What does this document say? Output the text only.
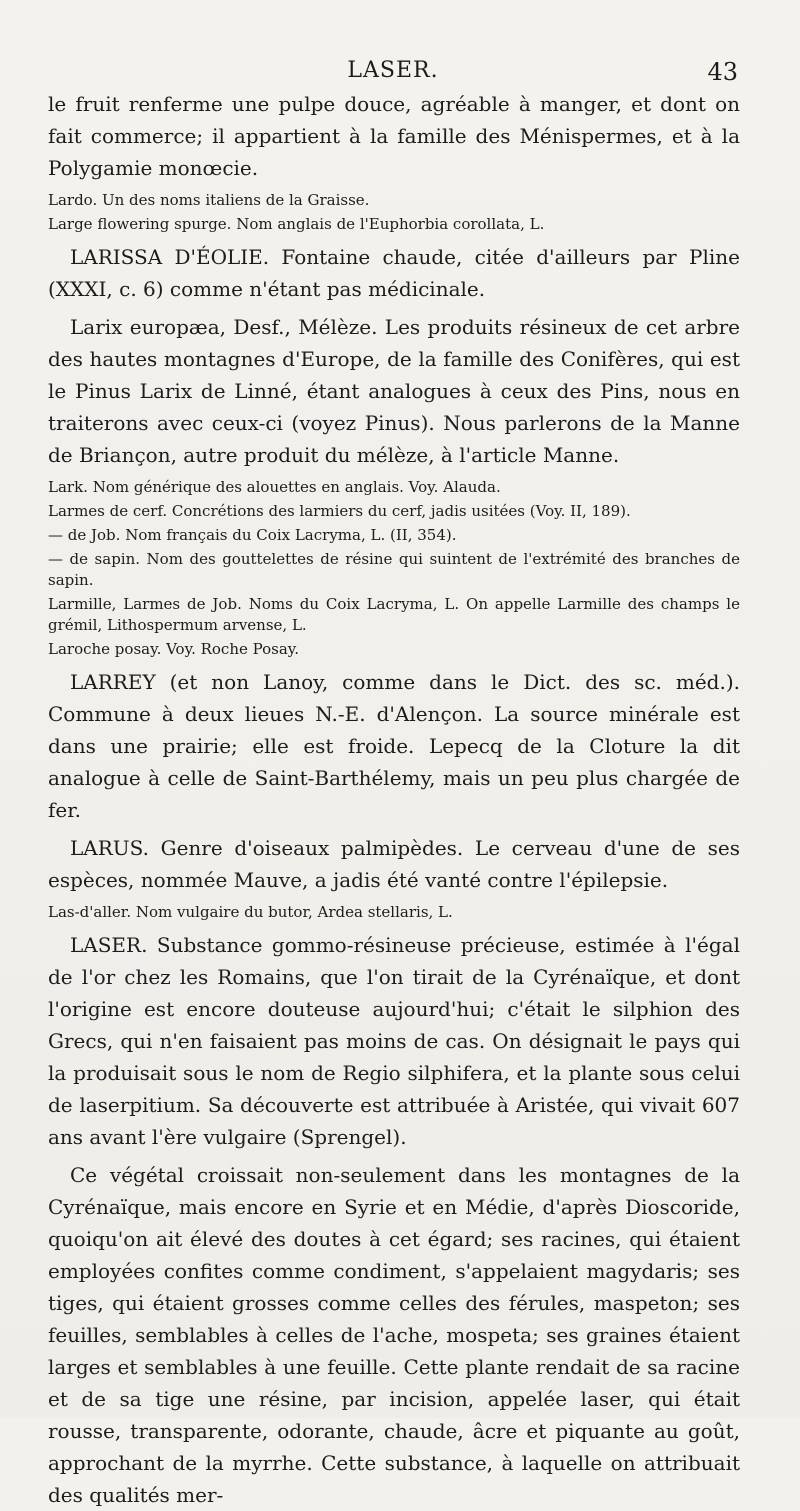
LASER.	43

le fruit renferme une pulpe douce, agréable à manger, et dont on fait commerce; il appartient à la famille des Ménispermes, et à la Polygamie monœcie.

Lardo. Un des noms italiens de la Graisse.

Large flowering spurge. Nom anglais de l'Euphorbia corollata, L.

LARISSA D'ÉOLIE. Fontaine chaude, citée d'ailleurs par Pline (XXXI, c. 6) comme n'étant pas médicinale.

Larix europæa, Desf., Mélèze. Les produits résineux de cet arbre des hautes montagnes d'Europe, de la famille des Conifères, qui est le Pinus Larix de Linné, étant analogues à ceux des Pins, nous en traiterons avec ceux-ci (voyez Pinus). Nous parlerons de la Manne de Briançon, autre produit du mélèze, à l'article Manne.

Lark. Nom générique des alouettes en anglais. Voy. Alauda.

Larmes de cerf. Concrétions des larmiers du cerf, jadis usitées (Voy. II, 189).

— de Job. Nom français du Coix Lacryma, L. (II, 354).

— de sapin. Nom des gouttelettes de résine qui suintent de l'extrémité des branches de sapin.

Larmille, Larmes de Job. Noms du Coix Lacryma, L. On appelle Larmille des champs le grémil, Lithospermum arvense, L.

Laroche posay. Voy. Roche Posay.

LARREY (et non Lanoy, comme dans le Dict. des sc. méd.). Commune à deux lieues N.-E. d'Alençon. La source minérale est dans une prairie; elle est froide. Lepecq de la Cloture la dit analogue à celle de Saint-Barthélemy, mais un peu plus chargée de fer.

LARUS. Genre d'oiseaux palmipèdes. Le cerveau d'une de ses espèces, nommée Mauve, a jadis été vanté contre l'épilepsie.

Las-d'aller. Nom vulgaire du butor, Ardea stellaris, L.

LASER. Substance gommo-résineuse précieuse, estimée à l'égal de l'or chez les Romains, que l'on tirait de la Cyrénaïque, et dont l'origine est encore douteuse aujourd'hui; c'était le silphion des Grecs, qui n'en faisaient pas moins de cas. On désignait le pays qui la produisait sous le nom de Regio silphifera, et la plante sous celui de laserpitium. Sa découverte est attribuée à Aristée, qui vivait 607 ans avant l'ère vulgaire (Sprengel).

Ce végétal croissait non-seulement dans les montagnes de la Cyrénaïque, mais encore en Syrie et en Médie, d'après Dioscoride, quoiqu'on ait élevé des doutes à cet égard; ses racines, qui étaient employées confites comme condiment, s'appelaient magydaris; ses tiges, qui étaient grosses comme celles des férules, maspeton; ses feuilles, semblables à celles de l'ache, mospeta; ses graines étaient larges et semblables à une feuille. Cette plante rendait de sa racine et de sa tige une résine, par incision, appelée laser, qui était rousse, transparente, odorante, chaude, âcre et piquante au goût, approchant de la myrrhe. Cette substance, à laquelle on attribuait des qualités mer-
